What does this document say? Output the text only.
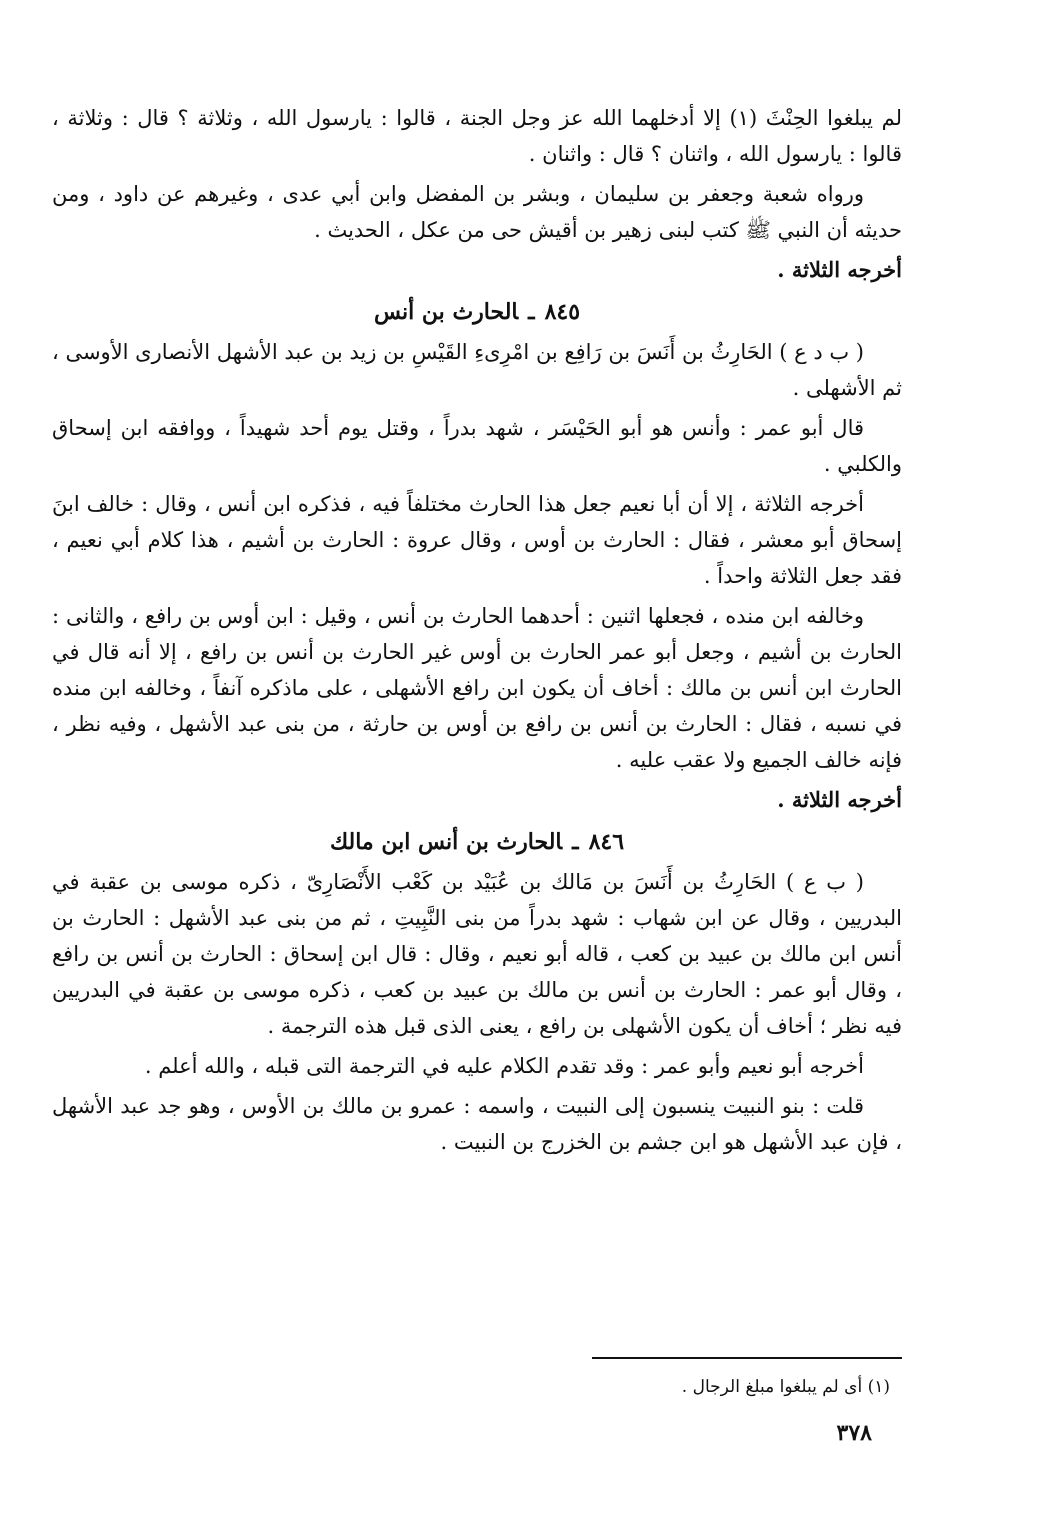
لم يبلغوا الحِنْثَ (١) إلا أدخلهما الله عز وجل الجنة ، قالوا : يارسول الله ، وثلاثة ؟ قال : وثلاثة ، قالوا : يارسول الله ، واثنان ؟ قال : واثنان .

ورواه شعبة وجعفر بن سليمان ، وبشر بن المفضل وابن أبي عدى ، وغيرهم عن داود ، ومن حديثه أن النبي ﷺ كتب لبنى زهير بن أقيش حى من عكل ، الحديث .

أخرجه الثلاثة .

٨٤٥ـالحارث بن أنس

( ب د ع ) الحَارِثُ بن أَنَسَ بن رَافِع بن امْرِىءِ القَيْسِ بن زيد بن عبد الأشهل الأنصارى الأوسى ، ثم الأشهلى .

قال أبو عمر : وأنس هو أبو الحَيْسَر ، شهد بدراً ، وقتل يوم أحد شهيداً ، ووافقه ابن إسحاق والكلبي .

أخرجه الثلاثة ، إلا أن أبا نعيم جعل هذا الحارث مختلفاً فيه ، فذكره ابن أنس ، وقال : خالف ابنَ إسحاق أبو معشر ، فقال : الحارث بن أوس ، وقال عروة : الحارث بن أشيم ، هذا كلام أبي نعيم ، فقد جعل الثلاثة واحداً .

وخالفه ابن منده ، فجعلها اثنين : أحدهما الحارث بن أنس ، وقيل : ابن أوس بن رافع ، والثانى : الحارث بن أشيم ، وجعل أبو عمر الحارث بن أوس غير الحارث بن أنس بن رافع ، إلا أنه قال في الحارث ابن أنس بن مالك : أخاف أن يكون ابن رافع الأشهلى ، على ماذكره آنفاً ، وخالفه ابن منده في نسبه ، فقال : الحارث بن أنس بن رافع بن أوس بن حارثة ، من بنى عبد الأشهل ، وفيه نظر ، فإنه خالف الجميع ولا عقب عليه .

أخرجه الثلاثة .

٨٤٦ـالحارث بن أنس ابن مالك

( ب ع ) الحَارِثُ بن أَنَسَ بن مَالك بن عُبَيْد بن كَعْب الأَنْصَارِىّ ، ذكره موسى بن عقبة في البدريين ، وقال عن ابن شهاب : شهد بدراً من بنى النَّبِيتِ ، ثم من بنى عبد الأشهل : الحارث بن أنس ابن مالك بن عبيد بن كعب ، قاله أبو نعيم ، وقال : قال ابن إسحاق : الحارث بن أنس بن رافع ، وقال أبو عمر : الحارث بن أنس بن مالك بن عبيد بن كعب ، ذكره موسى بن عقبة في البدريين فيه نظر ؛ أخاف أن يكون الأشهلى بن رافع ، يعنى الذى قبل هذه الترجمة .

أخرجه أبو نعيم وأبو عمر : وقد تقدم الكلام عليه في الترجمة التى قبله ، والله أعلم .

قلت : بنو النبيت ينسبون إلى النبيت ، واسمه : عمرو بن مالك بن الأوس ، وهو جد عبد الأشهل ، فإن عبد الأشهل هو ابن جشم بن الخزرج بن النبيت .

(١) أى لم يبلغوا مبلغ الرجال .
٣٧٨
